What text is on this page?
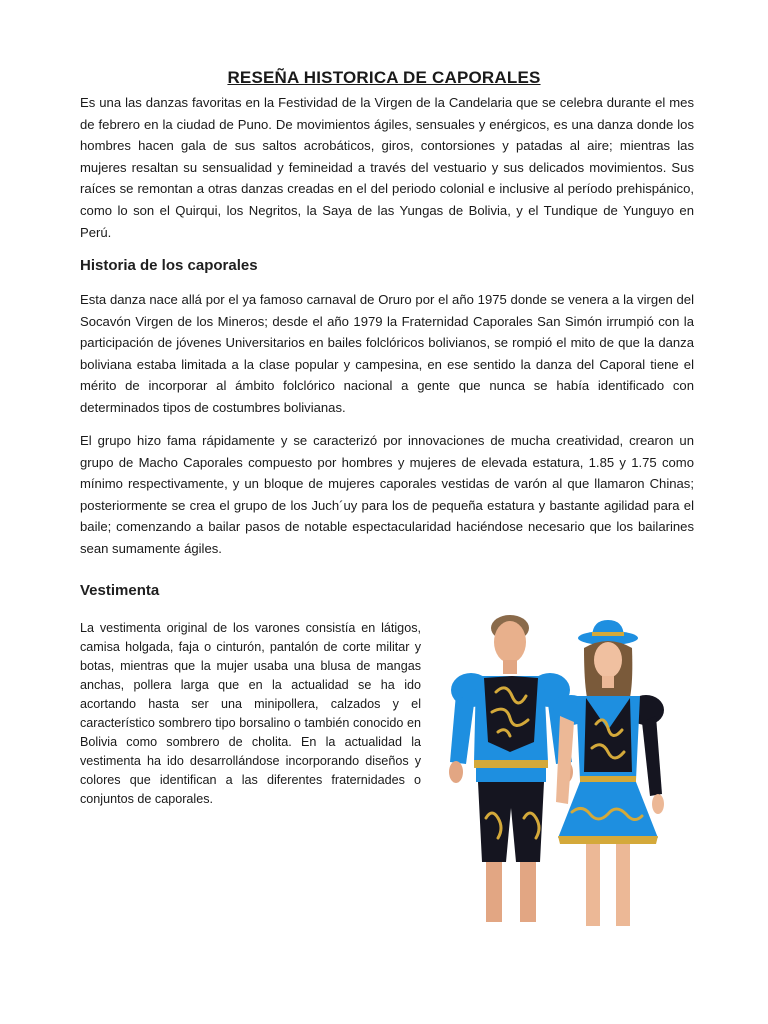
RESEÑA HISTORICA DE CAPORALES

Es una las danzas favoritas en la Festividad de la Virgen de la Candelaria que se celebra durante el mes de febrero en la ciudad de Puno. De movimientos ágiles, sensuales y enérgicos, es una danza donde los hombres hacen gala de sus saltos acrobáticos, giros, contorsiones y patadas al aire; mientras las mujeres resaltan su sensualidad y femineidad a través del vestuario y sus delicados movimientos. Sus raíces se remontan a otras danzas creadas en el del periodo colonial e inclusive al período prehispánico, como lo son el Quirqui, los Negritos, la Saya de las Yungas de Bolivia, y el Tundique de Yunguyo en Perú.

Historia de los caporales

Esta danza nace allá por el ya famoso carnaval de Oruro por el año 1975 donde se venera a la virgen del Socavón Virgen de los Mineros; desde el año 1979 la Fraternidad Caporales San Simón irrumpió con la participación de jóvenes Universitarios en bailes folclóricos bolivianos, se rompió el mito de que la danza boliviana estaba limitada a la clase popular y campesina, en ese sentido la danza del Caporal tiene el mérito de incorporar al ámbito folclórico nacional a gente que nunca se había identificado con determinados tipos de costumbres bolivianas.

El grupo hizo fama rápidamente y se caracterizó por innovaciones de mucha creatividad, crearon un grupo de Macho Caporales compuesto por hombres y mujeres de elevada estatura, 1.85 y 1.75 como mínimo respectivamente, y un bloque de mujeres caporales vestidas de varón al que llamaron Chinas; posteriormente se crea el grupo de los Juch´uy para los de pequeña estatura y bastante agilidad para el baile; comenzando a bailar pasos de notable espectacularidad haciéndose necesario que los bailarines sean sumamente ágiles.

Vestimenta

La vestimenta original de los varones consistía en látigos, camisa holgada, faja o cinturón, pantalón de corte militar y botas, mientras que la mujer usaba una blusa de mangas anchas, pollera larga que en la actualidad se ha ido acortando hasta ser una minipollera, calzados y el característico sombrero tipo borsalino o también conocido en Bolivia como sombrero de cholita. En la actualidad la vestimenta ha ido desarrollándose incorporando diseños y colores que identifican a las diferentes fraternidades o conjuntos de caporales.
